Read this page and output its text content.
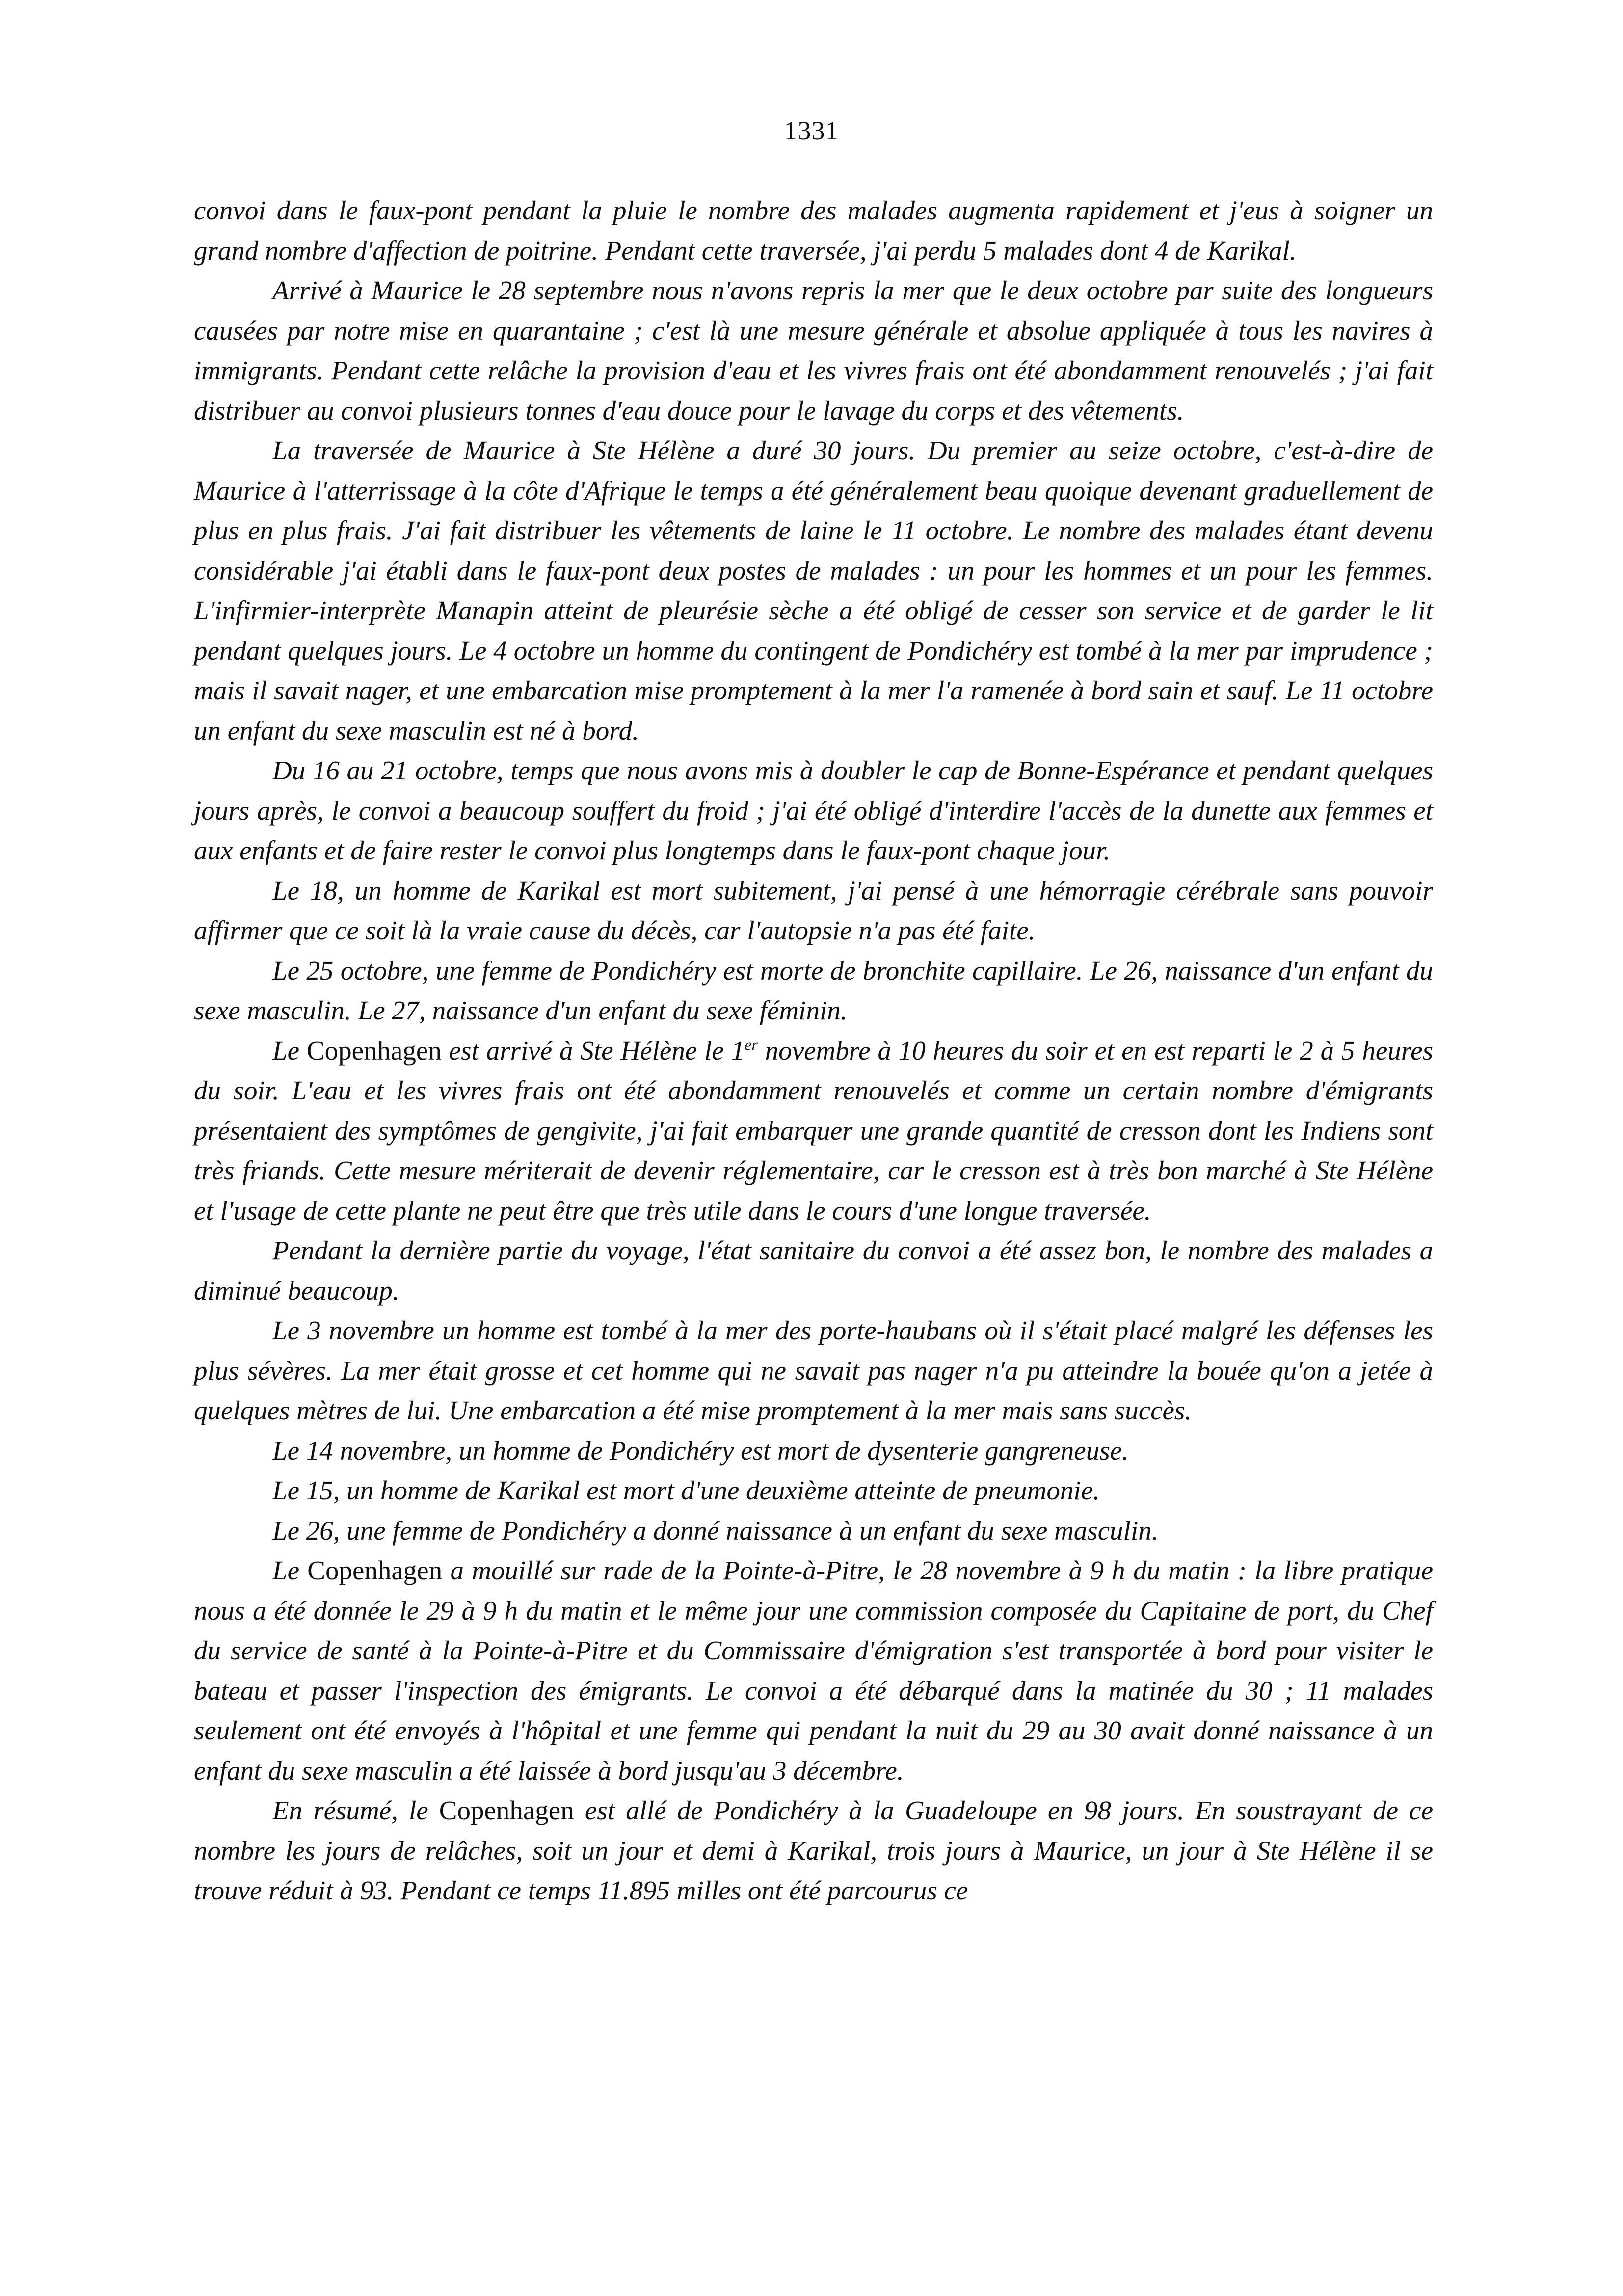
1331

convoi dans le faux-pont pendant la pluie le nombre des malades augmenta rapidement et j'eus à soigner un grand nombre d'affection de poitrine. Pendant cette traversée, j'ai perdu 5 malades dont 4 de Karikal.

Arrivé à Maurice le 28 septembre nous n'avons repris la mer que le deux octobre par suite des longueurs causées par notre mise en quarantaine ; c'est là une mesure générale et absolue appliquée à tous les navires à immigrants. Pendant cette relâche la provision d'eau et les vivres frais ont été abondamment renouvelés ; j'ai fait distribuer au convoi plusieurs tonnes d'eau douce pour le lavage du corps et des vêtements.

La traversée de Maurice à Ste Hélène a duré 30 jours. Du premier au seize octobre, c'est-à-dire de Maurice à l'atterrissage à la côte d'Afrique le temps a été généralement beau quoique devenant graduellement de plus en plus frais. J'ai fait distribuer les vêtements de laine le 11 octobre. Le nombre des malades étant devenu considérable j'ai établi dans le faux-pont deux postes de malades : un pour les hommes et un pour les femmes. L'infirmier-interprète Manapin atteint de pleurésie sèche a été obligé de cesser son service et de garder le lit pendant quelques jours. Le 4 octobre un homme du contingent de Pondichéry est tombé à la mer par imprudence ; mais il savait nager, et une embarcation mise promptement à la mer l'a ramenée à bord sain et sauf. Le 11 octobre un enfant du sexe masculin est né à bord.

Du 16 au 21 octobre, temps que nous avons mis à doubler le cap de Bonne-Espérance et pendant quelques jours après, le convoi a beaucoup souffert du froid ; j'ai été obligé d'interdire l'accès de la dunette aux femmes et aux enfants et de faire rester le convoi plus longtemps dans le faux-pont chaque jour.

Le 18, un homme de Karikal est mort subitement, j'ai pensé à une hémorragie cérébrale sans pouvoir affirmer que ce soit là la vraie cause du décès, car l'autopsie n'a pas été faite.

Le 25 octobre, une femme de Pondichéry est morte de bronchite capillaire. Le 26, naissance d'un enfant du sexe masculin. Le 27, naissance d'un enfant du sexe féminin.

Le Copenhagen est arrivé à Ste Hélène le 1er novembre à 10 heures du soir et en est reparti le 2 à 5 heures du soir. L'eau et les vivres frais ont été abondamment renouvelés et comme un certain nombre d'émigrants présentaient des symptômes de gengivite, j'ai fait embarquer une grande quantité de cresson dont les Indiens sont très friands. Cette mesure mériterait de devenir réglementaire, car le cresson est à très bon marché à Ste Hélène et l'usage de cette plante ne peut être que très utile dans le cours d'une longue traversée.

Pendant la dernière partie du voyage, l'état sanitaire du convoi a été assez bon, le nombre des malades a diminué beaucoup.

Le 3 novembre un homme est tombé à la mer des porte-haubans où il s'était placé malgré les défenses les plus sévères. La mer était grosse et cet homme qui ne savait pas nager n'a pu atteindre la bouée qu'on a jetée à quelques mètres de lui. Une embarcation a été mise promptement à la mer mais sans succès.

Le 14 novembre, un homme de Pondichéry est mort de dysenterie gangreneuse.

Le 15, un homme de Karikal est mort d'une deuxième atteinte de pneumonie.

Le 26, une femme de Pondichéry a donné naissance à un enfant du sexe masculin.

Le Copenhagen a mouillé sur rade de la Pointe-à-Pitre, le 28 novembre à 9 h du matin : la libre pratique nous a été donnée le 29 à 9 h du matin et le même jour une commission composée du Capitaine de port, du Chef du service de santé à la Pointe-à-Pitre et du Commissaire d'émigration s'est transportée à bord pour visiter le bateau et passer l'inspection des émigrants. Le convoi a été débarqué dans la matinée du 30 ; 11 malades seulement ont été envoyés à l'hôpital et une femme qui pendant la nuit du 29 au 30 avait donné naissance à un enfant du sexe masculin a été laissée à bord jusqu'au 3 décembre.

En résumé, le Copenhagen est allé de Pondichéry à la Guadeloupe en 98 jours. En soustrayant de ce nombre les jours de relâches, soit un jour et demi à Karikal, trois jours à Maurice, un jour à Ste Hélène il se trouve réduit à 93. Pendant ce temps 11.895 milles ont été parcourus ce
